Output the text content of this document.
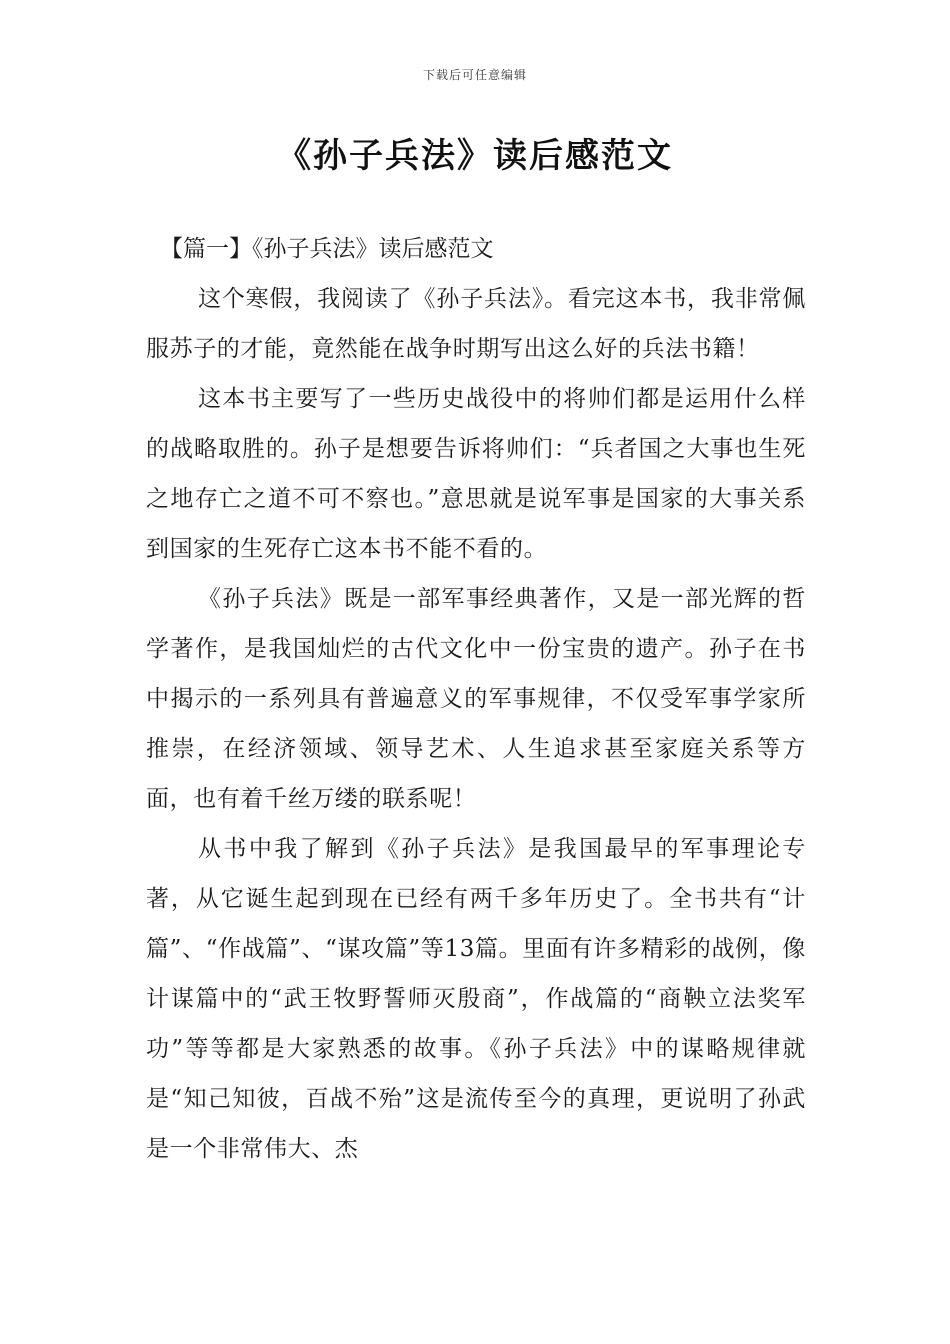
下载后可任意编辑
《孙子兵法》读后感范文
【篇一】《孙子兵法》读后感范文

这个寒假，我阅读了《孙子兵法》。看完这本书，我非常佩服苏子的才能，竟然能在战争时期写出这么好的兵法书籍！

这本书主要写了一些历史战役中的将帅们都是运用什么样的战略取胜的。孙子是想要告诉将帅们：“兵者国之大事也生死之地存亡之道不可不察也。”意思就是说军事是国家的大事关系到国家的生死存亡这本书不能不看的。

《孙子兵法》既是一部军事经典著作，又是一部光辉的哲学著作，是我国灿烂的古代文化中一份宝贵的遗产。孙子在书中揭示的一系列具有普遍意义的军事规律，不仅受军事学家所推崇，在经济领域、领导艺术、人生追求甚至家庭关系等方面，也有着千丝万缕的联系呢！

从书中我了解到《孙子兵法》是我国最早的军事理论专著，从它诞生起到现在已经有两千多年历史了。全书共有“计篇”、“作战篇”、“谋攻篇”等13篇。里面有许多精彩的战例，像计谋篇中的“武王牧野誓师灭殷商”，作战篇的“商鞅立法奖军功”等等都是大家熟悉的故事。《孙子兵法》中的谋略规律就是“知己知彼，百战不殆”这是流传至今的真理，更说明了孙武是一个非常伟大、杰
